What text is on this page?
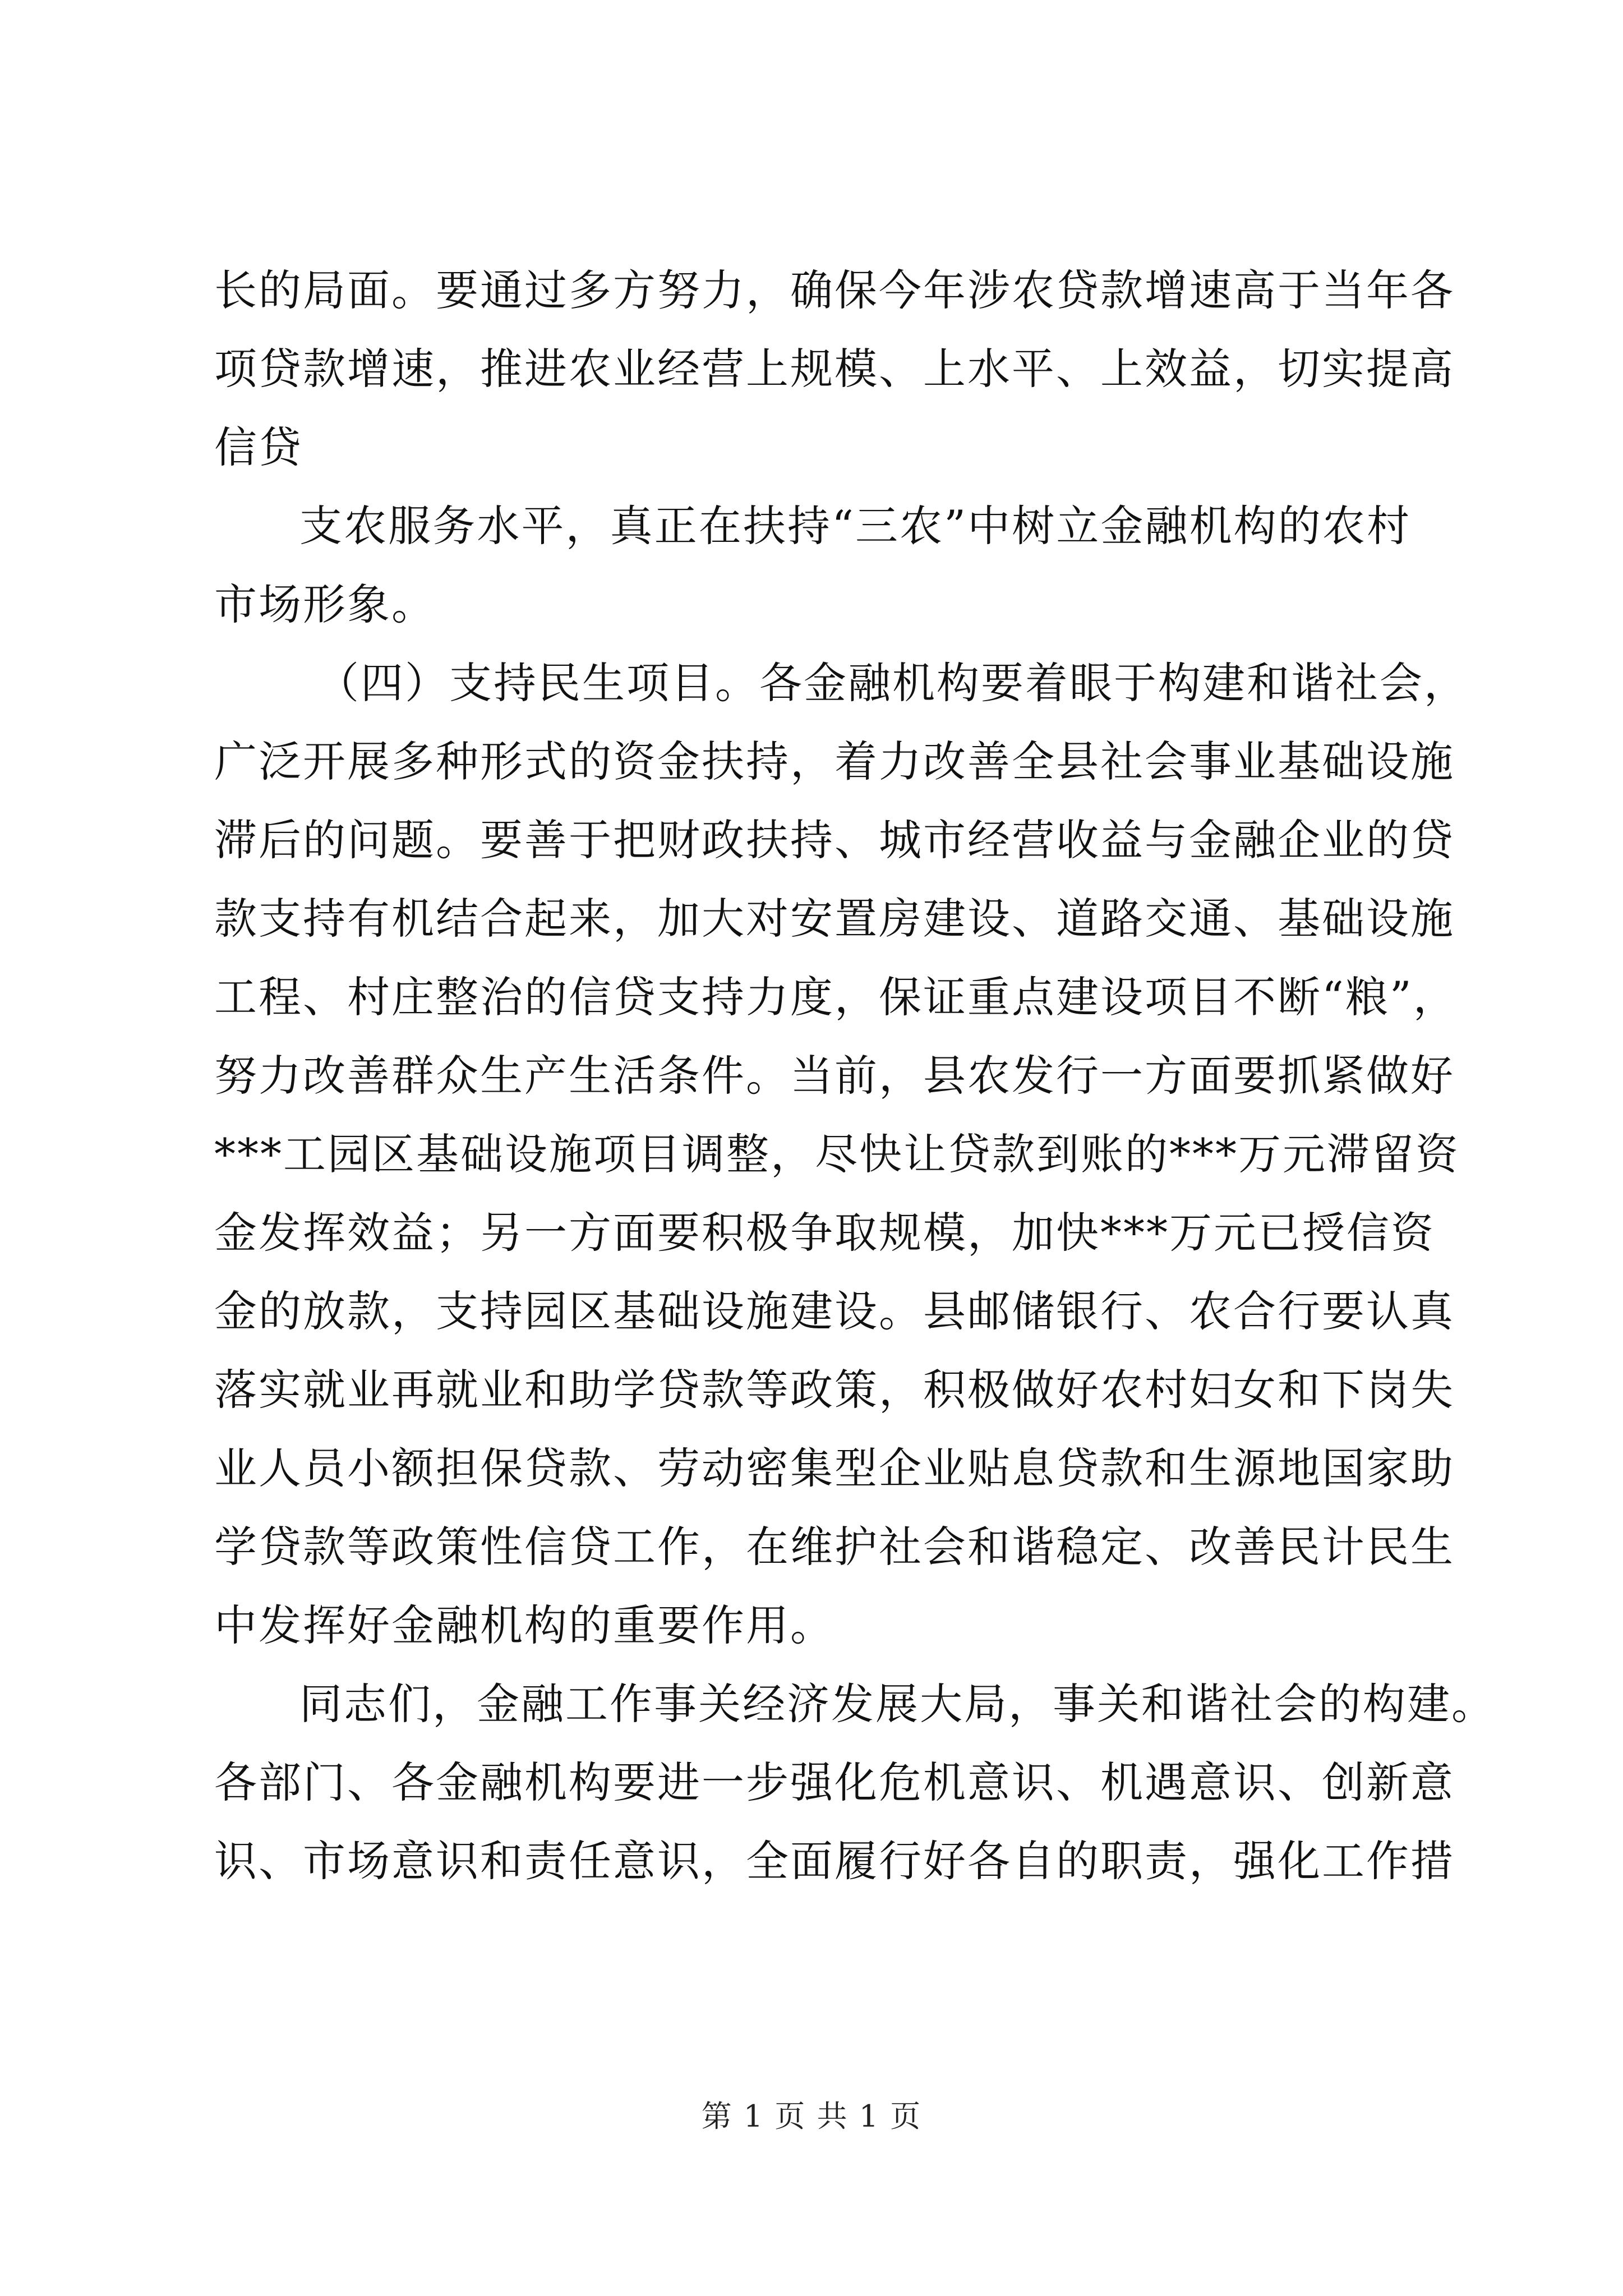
长的局面。要通过多方努力，确保今年涉农贷款增速高于当年各
项贷款增速，推进农业经营上规模、上水平、上效益，切实提高
信贷
支农服务水平，真正在扶持“三农”中树立金融机构的农村
市场形象。
（四）支持民生项目。各金融机构要着眼于构建和谐社会，
广泛开展多种形式的资金扶持，着力改善全县社会事业基础设施
滞后的问题。要善于把财政扶持、城市经营收益与金融企业的贷
款支持有机结合起来，加大对安置房建设、道路交通、基础设施
工程、村庄整治的信贷支持力度，保证重点建设项目不断“粮”，
努力改善群众生产生活条件。当前，县农发行一方面要抓紧做好
***工园区基础设施项目调整，尽快让贷款到账的***万元滞留资
金发挥效益；另一方面要积极争取规模，加快***万元已授信资
金的放款，支持园区基础设施建设。县邮储银行、农合行要认真
落实就业再就业和助学贷款等政策，积极做好农村妇女和下岗失
业人员小额担保贷款、劳动密集型企业贴息贷款和生源地国家助
学贷款等政策性信贷工作，在维护社会和谐稳定、改善民计民生
中发挥好金融机构的重要作用。
同志们，金融工作事关经济发展大局，事关和谐社会的构建。
各部门、各金融机构要进一步强化危机意识、机遇意识、创新意
识、市场意识和责任意识，全面履行好各自的职责，强化工作措
第 1 页 共 1 页
